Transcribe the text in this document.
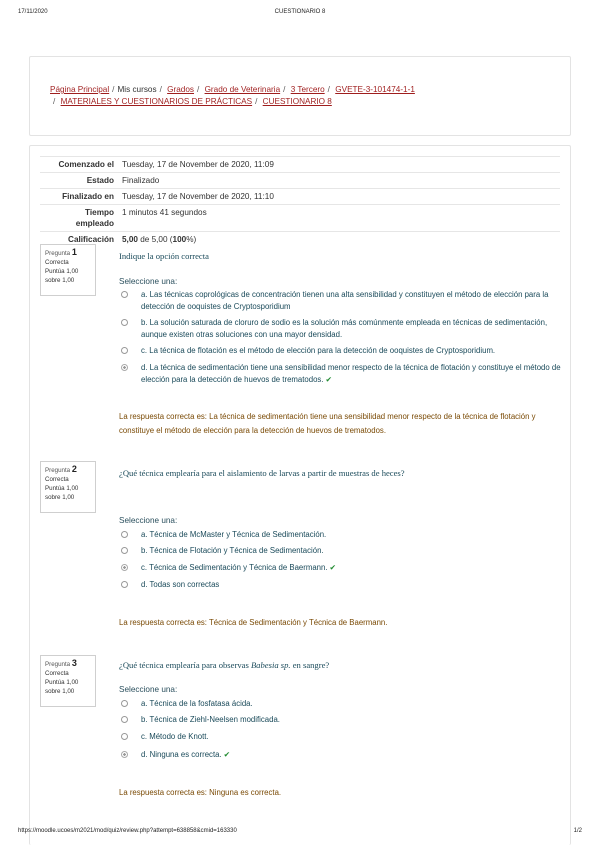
17/11/2020	CUESTIONARIO 8
Página Principal / Mis cursos / Grados / Grado de Veterinaria / 3 Tercero / GVETE-3-101474-1-1
/ MATERIALES Y CUESTIONARIOS DE PRÁCTICAS / CUESTIONARIO 8
Comenzado el	Tuesday, 17 de November de 2020, 11:09
Estado	Finalizado
Finalizado en	Tuesday, 17 de November de 2020, 11:10
Tiempo
empleado	1 minutos 41 segundos
Calificación	5,00 de 5,00 (100%)
Pregunta 1
Correcta
Puntúa 1,00
sobre 1,00
Indique la opción correcta
Seleccione una:
a. Las técnicas coprológicas de concentración tienen una alta sensibilidad y constituyen el método de elección para la detección de ooquistes de Cryptosporidium
b. La solución saturada de cloruro de sodio es la solución más comúnmente empleada en técnicas de sedimentación, aunque existen otras soluciones con una mayor densidad.
c. La técnica de flotación es el método de elección para la detección de ooquistes de Cryptosporidium.
d. La técnica de sedimentación tiene una sensibilidad menor respecto de la técnica de flotación y constituye el método de elección para la detección de huevos de trematodos. ✔
La respuesta correcta es: La técnica de sedimentación tiene una sensibilidad menor respecto de la técnica de flotación y constituye el método de elección para la detección de huevos de trematodos.
Pregunta 2
Correcta
Puntúa 1,00
sobre 1,00
¿Qué técnica emplearía para el aislamiento de larvas a partir de muestras de heces?
Seleccione una:
a. Técnica de McMaster y Técnica de Sedimentación.
b. Técnica de Flotación y Técnica de Sedimentación.
c. Técnica de Sedimentación y Técnica de Baermann. ✔
d. Todas son correctas
La respuesta correcta es: Técnica de Sedimentación y Técnica de Baermann.
Pregunta 3
Correcta
Puntúa 1,00
sobre 1,00
¿Qué técnica emplearía para observas Babesia sp. en sangre?
Seleccione una:
a. Técnica de la fosfatasa ácida.
b. Técnica de Ziehl-Neelsen modificada.
c. Método de Knott.
d. Ninguna es correcta. ✔
La respuesta correcta es: Ninguna es correcta.
https://moodle.ucoes/m2021/mod/quiz/review.php?attempt=638858&cmid=163330	1/2
